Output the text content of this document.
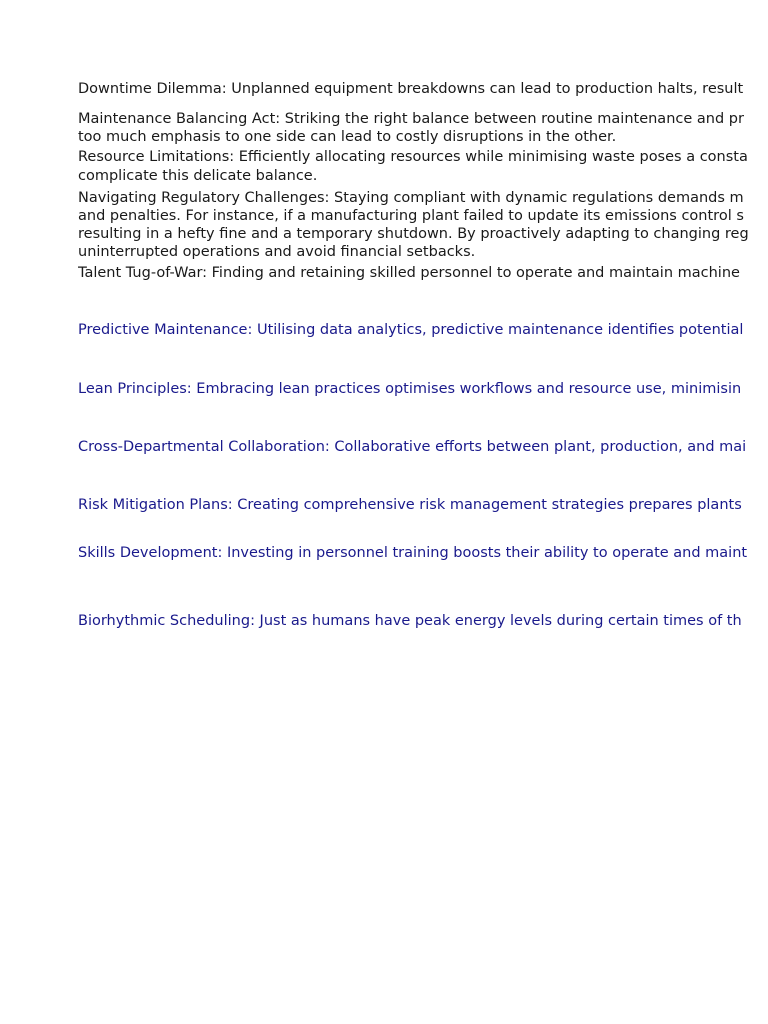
Downtime Dilemma: Unplanned equipment breakdowns can lead to production halts, result
Maintenance Balancing Act: Striking the right balance between routine maintenance and pr
too much emphasis to one side can lead to costly disruptions in the other.
Resource Limitations: Efficiently allocating resources while minimising waste poses a consta
complicate this delicate balance.
Navigating Regulatory Challenges: Staying compliant with dynamic regulations demands m
and penalties. For instance, if a manufacturing plant failed to update its emissions control s
resulting in a hefty fine and a temporary shutdown. By proactively adapting to changing reg
uninterrupted operations and avoid financial setbacks.
Talent Tug-of-War: Finding and retaining skilled personnel to operate and maintain machine
Predictive Maintenance: Utilising data analytics, predictive maintenance identifies potential
Lean Principles: Embracing lean practices optimises workflows and resource use, minimisin
Cross-Departmental Collaboration: Collaborative efforts between plant, production, and mai
Risk Mitigation Plans: Creating comprehensive risk management strategies prepares plants
Skills Development: Investing in personnel training boosts their ability to operate and maint
Biorhythmic Scheduling: Just as humans have peak energy levels during certain times of th
